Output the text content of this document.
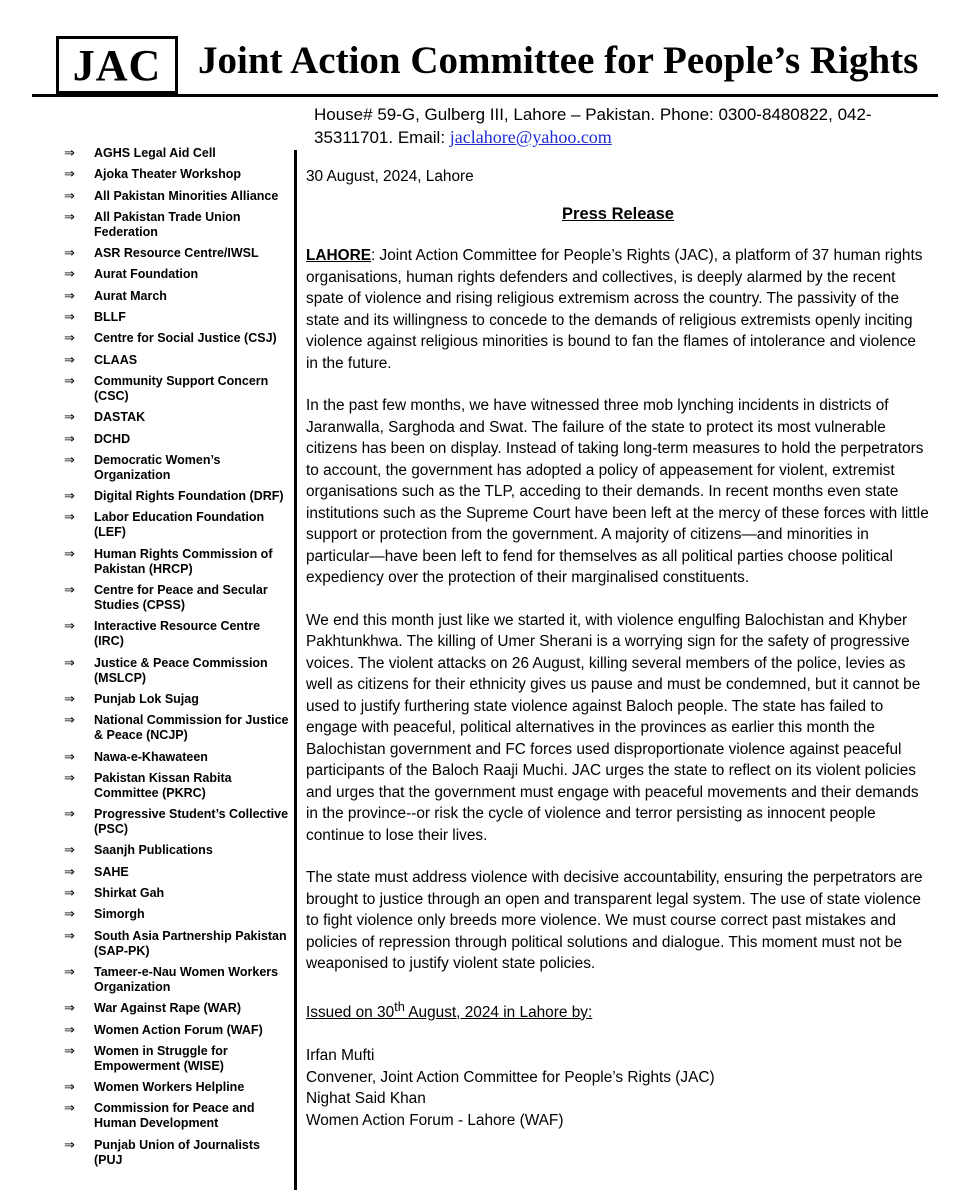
JAC Joint Action Committee for People’s Rights
House# 59-G, Gulberg III, Lahore – Pakistan. Phone: 0300-8480822, 042-35311701. Email: jaclahore@yahoo.com
⇒	AGHS Legal Aid Cell
⇒	Ajoka Theater Workshop
⇒	All Pakistan Minorities Alliance
⇒	All Pakistan Trade Union Federation
⇒	ASR Resource Centre/IWSL
⇒	Aurat Foundation
⇒	Aurat March
⇒	BLLF
⇒	Centre for Social Justice (CSJ)
⇒	CLAAS
⇒	Community Support Concern (CSC)
⇒	DASTAK
⇒	DCHD
⇒	Democratic Women’s Organization
⇒	Digital Rights Foundation (DRF)
⇒	Labor Education Foundation (LEF)
⇒	Human Rights Commission of Pakistan (HRCP)
⇒	Centre for Peace and Secular Studies (CPSS)
⇒	Interactive Resource Centre (IRC)
⇒	Justice & Peace Commission (MSLCP)
⇒	Punjab Lok Sujag
⇒	National Commission for Justice & Peace (NCJP)
⇒	Nawa-e-Khawateen
⇒	Pakistan Kissan Rabita Committee (PKRC)
⇒	Progressive Student’s Collective (PSC)
⇒	Saanjh Publications
⇒	SAHE
⇒	Shirkat Gah
⇒	Simorgh
⇒	South Asia Partnership Pakistan (SAP-PK)
⇒	Tameer-e-Nau Women Workers Organization
⇒	War Against Rape (WAR)
⇒	Women Action Forum (WAF)
⇒	Women in Struggle for Empowerment (WISE)
⇒	Women Workers Helpline
⇒	Commission for Peace and Human Development
⇒	Punjab Union of Journalists (PUJ

30 August, 2024, Lahore

Press Release

LAHORE: Joint Action Committee for People’s Rights (JAC), a platform of 37 human rights organisations, human rights defenders and collectives, is deeply alarmed by the recent spate of violence and rising religious extremism across the country. The passivity of the state and its willingness to concede to the demands of religious extremists openly inciting violence against religious minorities is bound to fan the flames of intolerance and violence in the future.

In the past few months, we have witnessed three mob lynching incidents in districts of Jaranwalla, Sarghoda and Swat. The failure of the state to protect its most vulnerable citizens has been on display. Instead of taking long-term measures to hold the perpetrators to account, the government has adopted a policy of appeasement for violent, extremist organisations such as the TLP, acceding to their demands. In recent months even state institutions such as the Supreme Court have been left at the mercy of these forces with little support or protection from the government. A majority of citizens—and minorities in particular—have been left to fend for themselves as all political parties choose political expediency over the protection of their marginalised constituents.

We end this month just like we started it, with violence engulfing Balochistan and Khyber Pakhtunkhwa. The killing of Umer Sherani is a worrying sign for the safety of progressive voices. The violent attacks on 26 August, killing several members of the police, levies as well as citizens for their ethnicity gives us pause and must be condemned, but it cannot be used to justify furthering state violence against Baloch people. The state has failed to engage with peaceful, political alternatives in the provinces as earlier this month the Balochistan government and FC forces used disproportionate violence against peaceful participants of the Baloch Raaji Muchi. JAC urges the state to reflect on its violent policies and urges that the government must engage with peaceful movements and their demands in the province--or risk the cycle of violence and terror persisting as innocent people continue to lose their lives.

The state must address violence with decisive accountability, ensuring the perpetrators are brought to justice through an open and transparent legal system. The use of state violence to fight violence only breeds more violence. We must course correct past mistakes and policies of repression through political solutions and dialogue. This moment must not be weaponised to justify violent state policies.

Issued on 30th August, 2024 in Lahore by:

Irfan Mufti

Convener, Joint Action Committee for People’s Rights (JAC)

Nighat Said Khan

Women Action Forum - Lahore (WAF)
